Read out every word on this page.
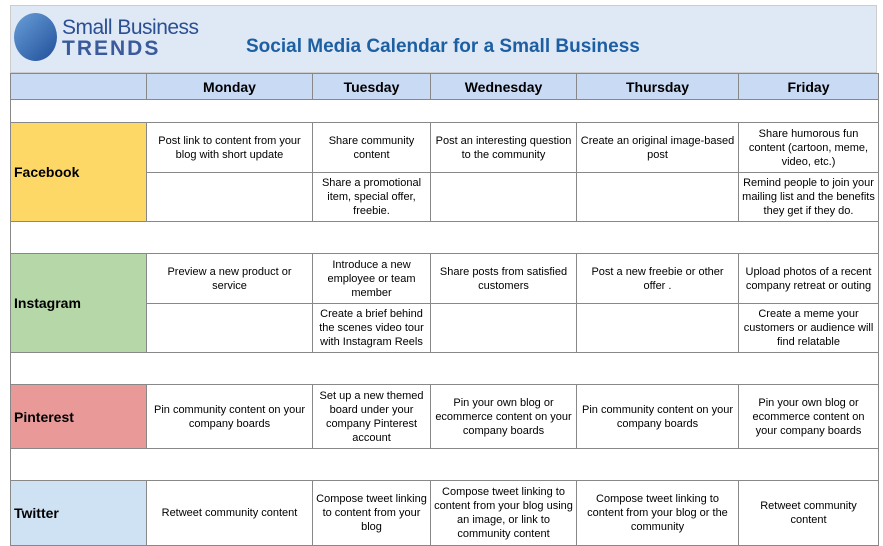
Small Business
TRENDS	Social Media Calendar for a Small Business
	Monday	Tuesday	Wednesday	Thursday	Friday

Facebook	Post link to content from your blog with short update	Share community content	Post an interesting question to the community	Create an original image-based post	Share humorous fun content (cartoon, meme, video, etc.)
		Share a promotional item, special offer, freebie.			Remind people to join your mailing list and the benefits they get if they do.

Instagram	Preview a new product or service	Introduce a new employee or team member	Share posts from satisfied customers	Post a new freebie or other offer .	Upload photos of a recent company retreat or outing
		Create a brief behind the scenes video tour with Instagram Reels			Create a meme your customers or audience will find relatable

Pinterest	Pin community content on your company boards	Set up a new themed board under your company Pinterest account	Pin your own blog or ecommerce content on your company boards	Pin community content on your company boards	Pin your own blog or ecommerce content on your company boards

Twitter	Retweet community content	Compose tweet linking to content from your blog	Compose tweet linking to content from your blog using an image, or link to community content	Compose tweet linking to content from your blog or the community	Retweet community content
